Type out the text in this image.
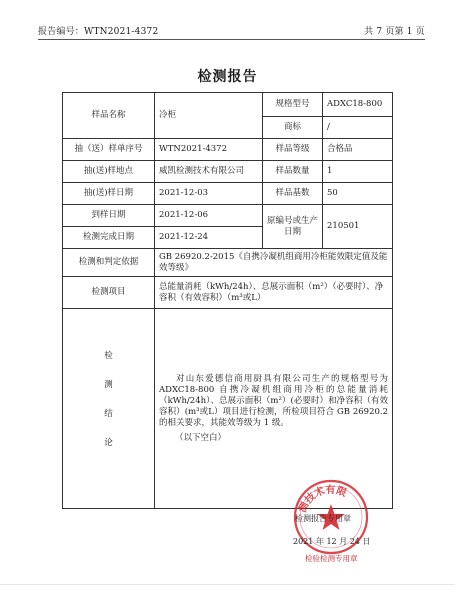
报告编号：WTN2021-4372	共 7 页第 1 页
检测报告
样品名称	冷柜	规格型号	ADXC18-800
		商标	/
抽（送）样单序号	WTN2021-4372	样品等级	合格品
抽(送)样地点	威凯检测技术有限公司	样品数量	1
抽(送)样日期	2021-12-03	样品基数	50
到样日期	2021-12-06	原编号或生产日期	210501
检测完成日期	2021-12-24		
检测和判定依据	GB 26920.2-2015《自携冷凝机组商用冷柜能效限定值及能效等级》		
检测项目	总能量消耗（kWh/24h）、总展示面积（m²）（必要时）、净容积（有效容积）（m³或L）		

检
测
结
论	对山东爱德信商用厨具有限公司生产的规格型号为ADXC18-800 自携冷凝机组商用冷柜的总能量消耗（kWh/24h）、总展示面积（m²）(必要时）和净容积（有效容积）(m³或L）项目进行检测，所检项目符合 GB 26920.2 的相关要求，其能效等级为 1 级。

（以下空白）		
测技术有限
检测报告专用章
2021 年 12 月 24 日
检验检测专用章
